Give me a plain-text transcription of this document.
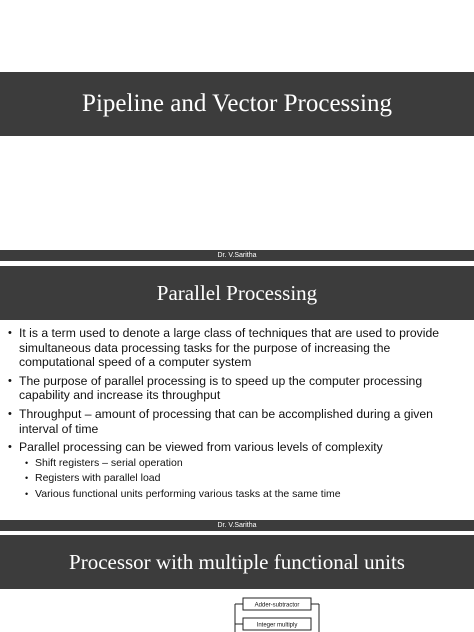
Pipeline and Vector Processing
Dr. V.Saritha
Parallel Processing
• It is a term used to denote a large class of techniques that are used to provide simultaneous data processing tasks for the purpose of increasing the computational speed of a computer system
• The purpose of parallel processing is to speed up the computer processing capability and increase its throughput
• Throughput – amount of processing that can be accomplished during a given interval of time
• Parallel processing can be viewed from various levels of complexity
• Shift registers – serial operation
• Registers with parallel load
• Various functional units performing various tasks at the same time
Dr. V.Saritha
Processor with multiple functional units
Adder-subtractor
Integer multiply
